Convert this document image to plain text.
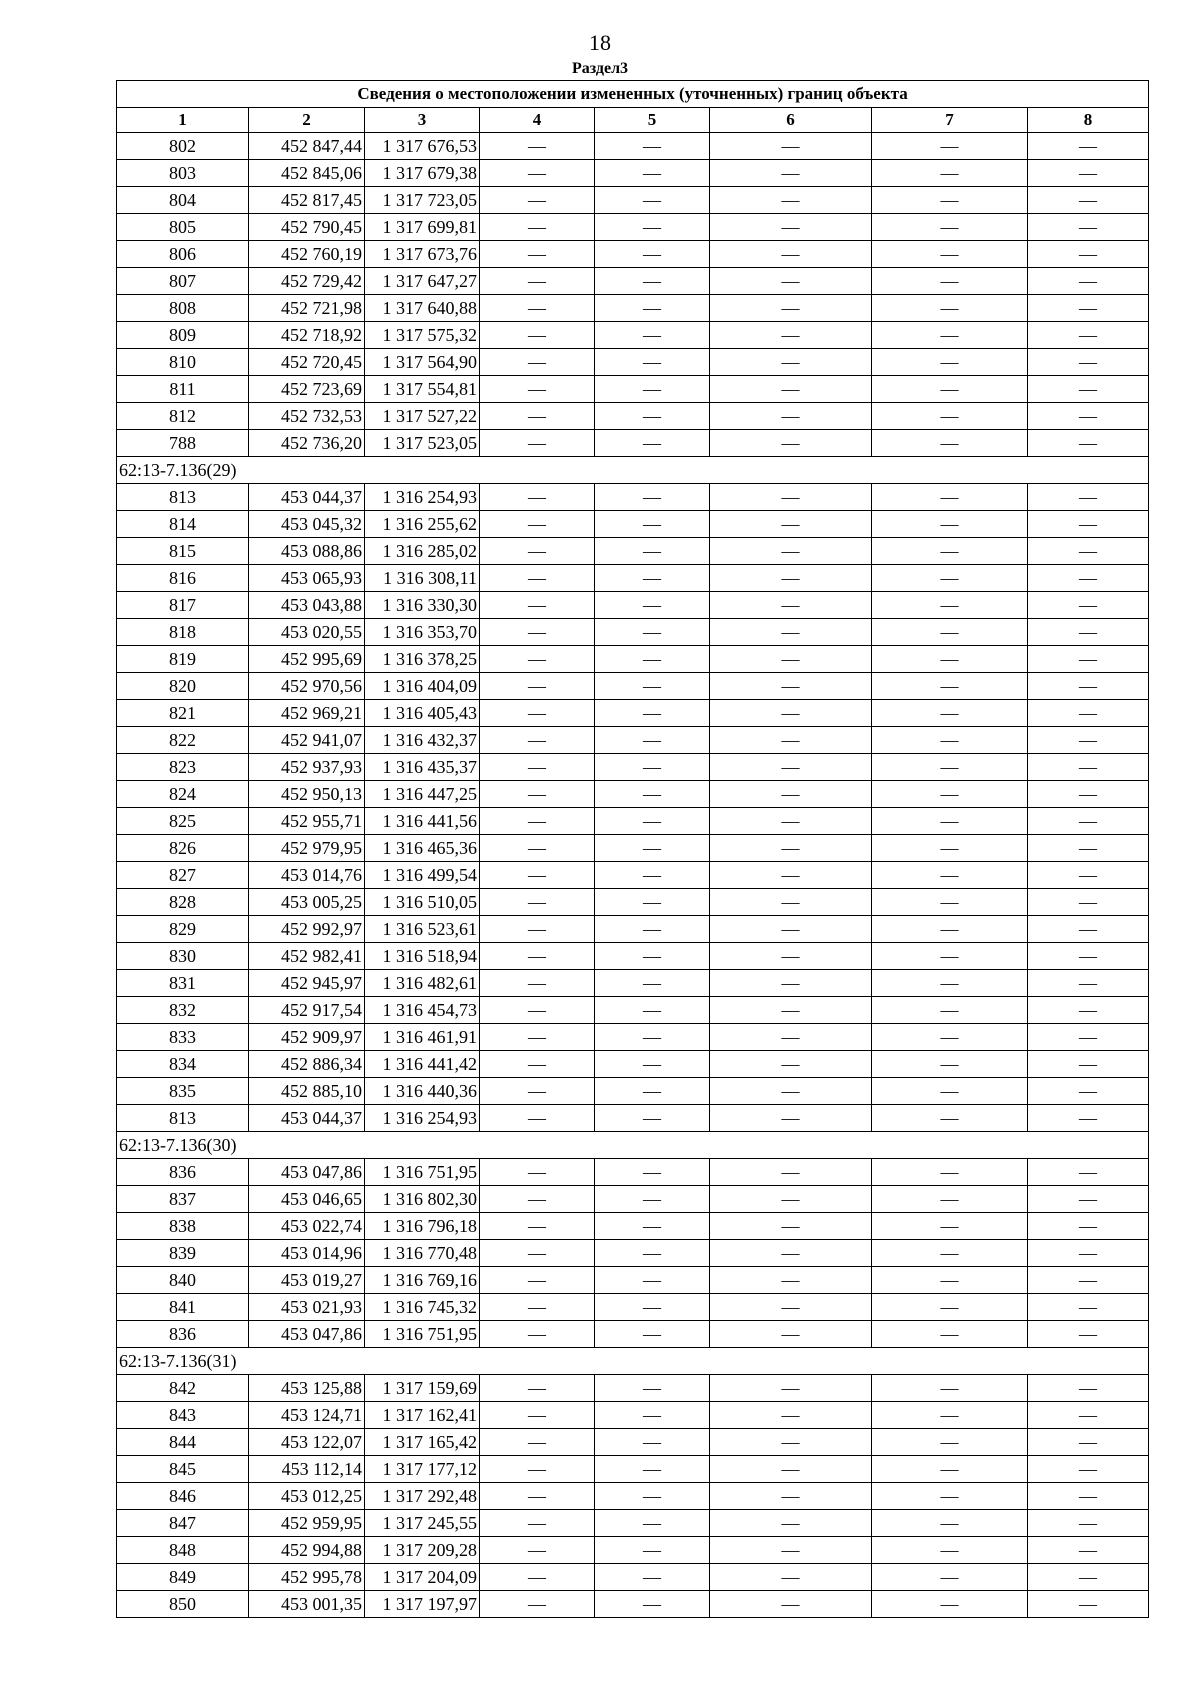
18
Раздел3
Сведения о местоположении измененных (уточненных) границ объекта							
1	2	3	4	5	6	7	8
802	452 847,44	1 317 676,53	—	—	—	—	—
803	452 845,06	1 317 679,38	—	—	—	—	—
804	452 817,45	1 317 723,05	—	—	—	—	—
805	452 790,45	1 317 699,81	—	—	—	—	—
806	452 760,19	1 317 673,76	—	—	—	—	—
807	452 729,42	1 317 647,27	—	—	—	—	—
808	452 721,98	1 317 640,88	—	—	—	—	—
809	452 718,92	1 317 575,32	—	—	—	—	—
810	452 720,45	1 317 564,90	—	—	—	—	—
811	452 723,69	1 317 554,81	—	—	—	—	—
812	452 732,53	1 317 527,22	—	—	—	—	—
788	452 736,20	1 317 523,05	—	—	—	—	—
62:13-7.136(29)							
813	453 044,37	1 316 254,93	—	—	—	—	—
814	453 045,32	1 316 255,62	—	—	—	—	—
815	453 088,86	1 316 285,02	—	—	—	—	—
816	453 065,93	1 316 308,11	—	—	—	—	—
817	453 043,88	1 316 330,30	—	—	—	—	—
818	453 020,55	1 316 353,70	—	—	—	—	—
819	452 995,69	1 316 378,25	—	—	—	—	—
820	452 970,56	1 316 404,09	—	—	—	—	—
821	452 969,21	1 316 405,43	—	—	—	—	—
822	452 941,07	1 316 432,37	—	—	—	—	—
823	452 937,93	1 316 435,37	—	—	—	—	—
824	452 950,13	1 316 447,25	—	—	—	—	—
825	452 955,71	1 316 441,56	—	—	—	—	—
826	452 979,95	1 316 465,36	—	—	—	—	—
827	453 014,76	1 316 499,54	—	—	—	—	—
828	453 005,25	1 316 510,05	—	—	—	—	—
829	452 992,97	1 316 523,61	—	—	—	—	—
830	452 982,41	1 316 518,94	—	—	—	—	—
831	452 945,97	1 316 482,61	—	—	—	—	—
832	452 917,54	1 316 454,73	—	—	—	—	—
833	452 909,97	1 316 461,91	—	—	—	—	—
834	452 886,34	1 316 441,42	—	—	—	—	—
835	452 885,10	1 316 440,36	—	—	—	—	—
813	453 044,37	1 316 254,93	—	—	—	—	—
62:13-7.136(30)							
836	453 047,86	1 316 751,95	—	—	—	—	—
837	453 046,65	1 316 802,30	—	—	—	—	—
838	453 022,74	1 316 796,18	—	—	—	—	—
839	453 014,96	1 316 770,48	—	—	—	—	—
840	453 019,27	1 316 769,16	—	—	—	—	—
841	453 021,93	1 316 745,32	—	—	—	—	—
836	453 047,86	1 316 751,95	—	—	—	—	—
62:13-7.136(31)							
842	453 125,88	1 317 159,69	—	—	—	—	—
843	453 124,71	1 317 162,41	—	—	—	—	—
844	453 122,07	1 317 165,42	—	—	—	—	—
845	453 112,14	1 317 177,12	—	—	—	—	—
846	453 012,25	1 317 292,48	—	—	—	—	—
847	452 959,95	1 317 245,55	—	—	—	—	—
848	452 994,88	1 317 209,28	—	—	—	—	—
849	452 995,78	1 317 204,09	—	—	—	—	—
850	453 001,35	1 317 197,97	—	—	—	—	—
